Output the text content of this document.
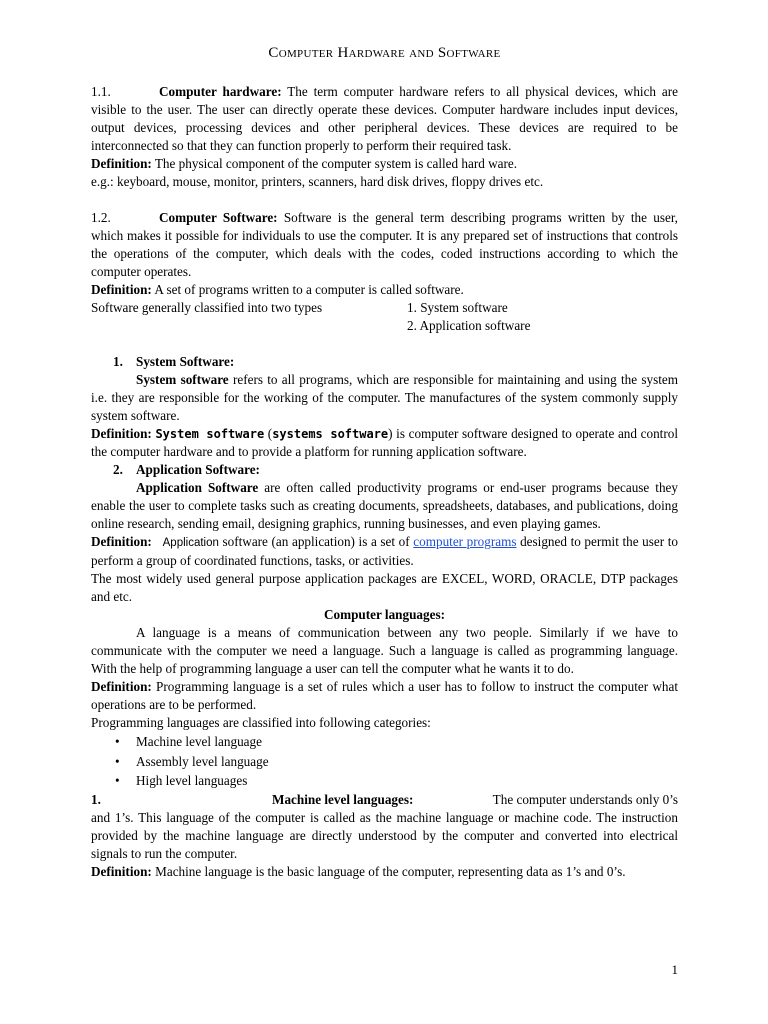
Computer Hardware and Software

1.1.	Computer hardware: The term computer hardware refers to all physical devices, which are visible to the user. The user can directly operate these devices. Computer hardware includes input devices, output devices, processing devices and other peripheral devices. These devices are required to be interconnected so that they can function properly to perform their required task.

Definition: The physical component of the computer system is called hard ware.

e.g.: keyboard, mouse, monitor, printers, scanners, hard disk drives, floppy drives etc.

1.2.	Computer Software: Software is the general term describing programs written by the user, which makes it possible for individuals to use the computer. It is any prepared set of instructions that controls the operations of the computer, which deals with the codes, coded instructions according to which the computer operates.

Definition: A set of programs written to a computer is called software.

Software generally classified into two types	1. System software
2. Application software
1. System Software:

System software refers to all programs, which are responsible for maintaining and using the system i.e. they are responsible for the working of the computer. The manufactures of the system commonly supply system software.

Definition: System software (systems software) is computer software designed to operate and control the computer hardware and to provide a platform for running application software.

2. Application Software:

Application Software are often called productivity programs or end-user programs because they enable the user to complete tasks such as creating documents, spreadsheets, databases, and publications, doing online research, sending email, designing graphics, running businesses, and even playing games.

Definition: Application software (an application) is a set of computer programs designed to permit the user to perform a group of coordinated functions, tasks, or activities.

The most widely used general purpose application packages are EXCEL, WORD, ORACLE, DTP packages and etc.

Computer languages:

A language is a means of communication between any two people. Similarly if we have to communicate with the computer we need a language. Such a language is called as programming language. With the help of programming language a user can tell the computer what he wants it to do.

Definition: Programming language is a set of rules which a user has to follow to instruct the computer what operations are to be performed.

Programming languages are classified into following categories:

• Machine level language
• Assembly level language
• High level languages
1.	Machine level languages:	The computer understands only 0’s

and 1’s. This language of the computer is called as the machine language or machine code. The instruction provided by the machine language are directly understood by the computer and converted into electrical signals to run the computer.

Definition: Machine language is the basic language of the computer, representing data as 1’s and 0’s.

1
